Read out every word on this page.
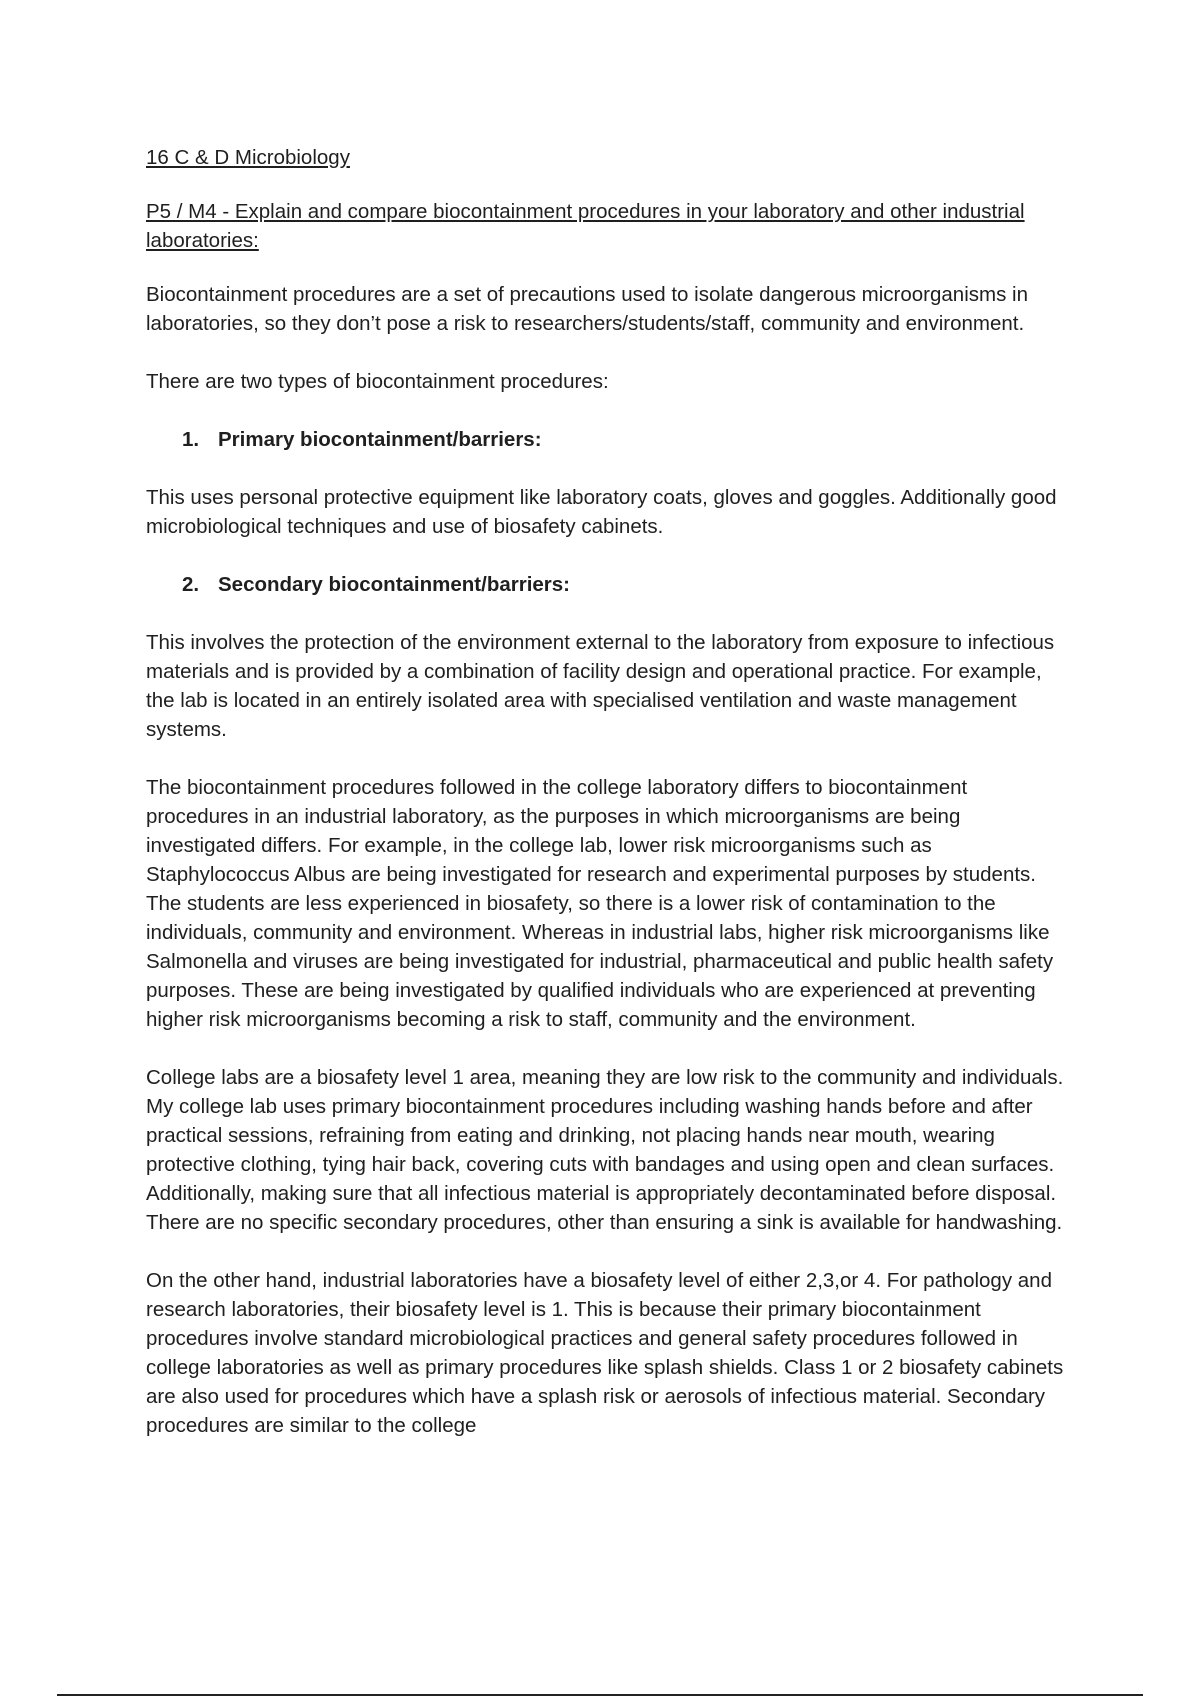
16 C & D Microbiology
P5 / M4 - Explain and compare biocontainment procedures in your laboratory and other industrial laboratories:

Biocontainment procedures are a set of precautions used to isolate dangerous microorganisms in laboratories, so they don’t pose a risk to researchers/students/staff, community and environment.

There are two types of biocontainment procedures:

1. Primary biocontainment/barriers:

This uses personal protective equipment like laboratory coats, gloves and goggles. Additionally good microbiological techniques and use of biosafety cabinets.

2. Secondary biocontainment/barriers:

This involves the protection of the environment external to the laboratory from exposure to infectious materials and is provided by a combination of facility design and operational practice. For example, the lab is located in an entirely isolated area with specialised ventilation and waste management systems.

The biocontainment procedures followed in the college laboratory differs to biocontainment procedures in an industrial laboratory, as the purposes in which microorganisms are being investigated differs. For example, in the college lab, lower risk microorganisms such as Staphylococcus Albus are being investigated for research and experimental purposes by students. The students are less experienced in biosafety, so there is a lower risk of contamination to the individuals, community and environment. Whereas in industrial labs, higher risk microorganisms like Salmonella and viruses are being investigated for industrial, pharmaceutical and public health safety purposes. These are being investigated by qualified individuals who are experienced at preventing higher risk microorganisms becoming a risk to staff, community and the environment.

College labs are a biosafety level 1 area, meaning they are low risk to the community and individuals. My college lab uses primary biocontainment procedures including washing hands before and after practical sessions, refraining from eating and drinking, not placing hands near mouth, wearing protective clothing, tying hair back, covering cuts with bandages and using open and clean surfaces. Additionally, making sure that all infectious material is appropriately decontaminated before disposal. There are no specific secondary procedures, other than ensuring a sink is available for handwashing.

On the other hand, industrial laboratories have a biosafety level of either 2,3,or 4. For pathology and research laboratories, their biosafety level is 1. This is because their primary biocontainment procedures involve standard microbiological practices and general safety procedures followed in college laboratories as well as primary procedures like splash shields. Class 1 or 2 biosafety cabinets are also used for procedures which have a splash risk or aerosols of infectious material. Secondary procedures are similar to the college
